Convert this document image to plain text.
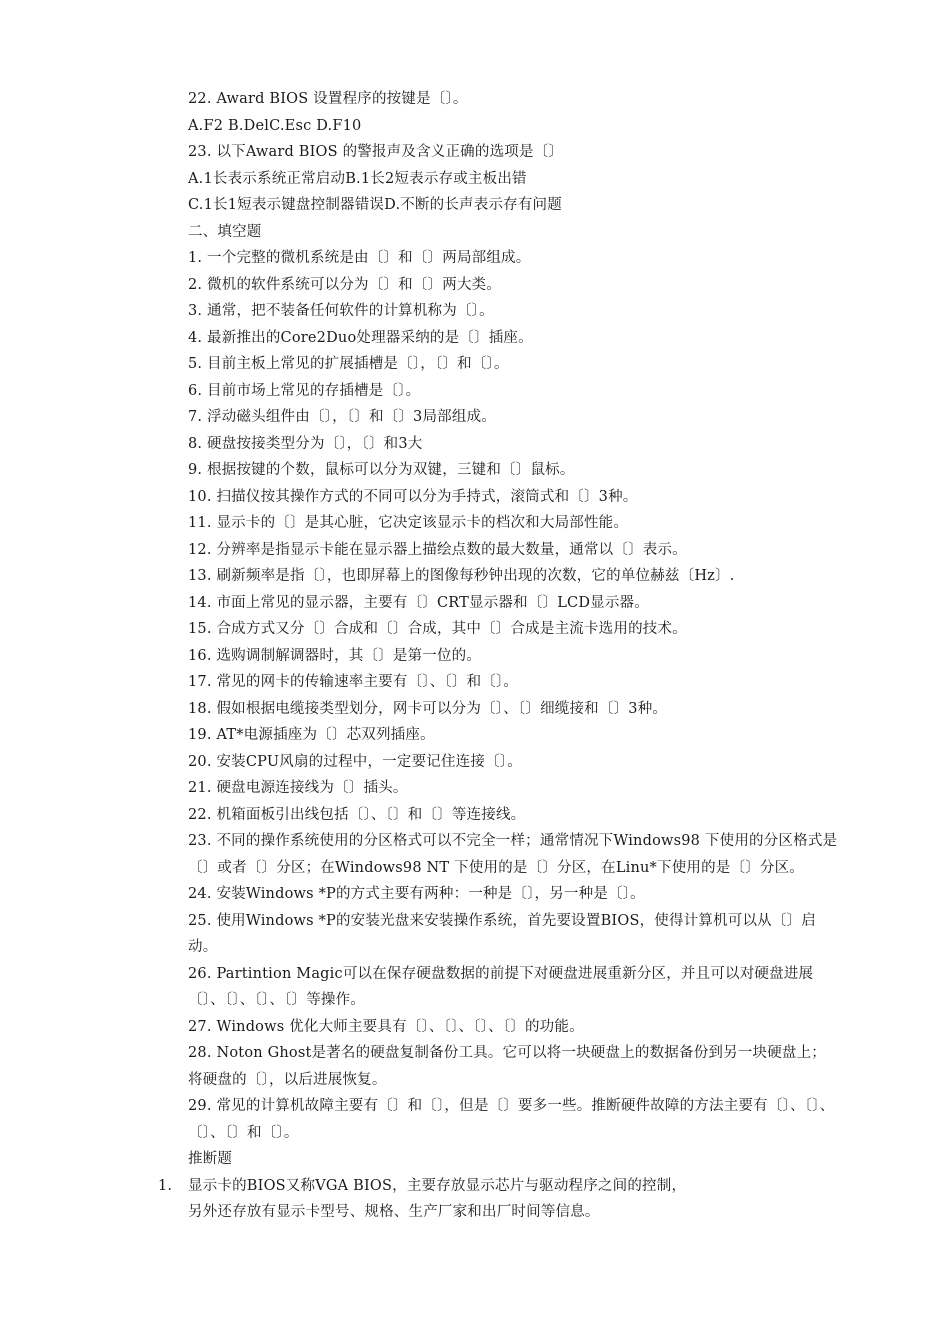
22. Award BIOS 设置程序的按键是〔〕。
A.F2 B.DelC.Esc D.F10
23. 以下Award BIOS 的警报声及含义正确的选项是〔〕
A.1长表示系统正常启动B.1长2短表示存或主板出错
C.1长1短表示键盘控制器错误D.不断的长声表示存有问题
二、填空题
1. 一个完整的微机系统是由〔〕和〔〕两局部组成。
2. 微机的软件系统可以分为〔〕和〔〕两大类。
3. 通常，把不装备任何软件的计算机称为〔〕。
4. 最新推出的Core2Duo处理器采纳的是〔〕插座。
5. 目前主板上常见的扩展插槽是〔〕，〔〕和〔〕。
6. 目前市场上常见的存插槽是〔〕。
7. 浮动磁头组件由〔〕，〔〕和〔〕3局部组成。
8. 硬盘按接类型分为〔〕，〔〕和3大
9. 根据按键的个数，鼠标可以分为双键，三键和〔〕鼠标。
10. 扫描仪按其操作方式的不同可以分为手持式，滚筒式和〔〕3种。
11. 显示卡的〔〕是其心脏，它决定该显示卡的档次和大局部性能。
12. 分辨率是指显示卡能在显示器上描绘点数的最大数量，通常以〔〕表示。
13. 刷新频率是指〔〕，也即屏幕上的图像每秒钟出现的次数，它的单位赫兹〔Hz〕.
14. 市面上常见的显示器，主要有〔〕CRT显示器和〔〕LCD显示器。
15. 合成方式又分〔〕合成和〔〕合成，其中〔〕合成是主流卡选用的技术。
16. 选购调制解调器时，其〔〕是第一位的。
17. 常见的网卡的传输速率主要有〔〕、〔〕和〔〕。
18. 假如根据电缆接类型划分，网卡可以分为〔〕、〔〕细缆接和〔〕3种。
19. AT*电源插座为〔〕芯双列插座。
20. 安装CPU风扇的过程中，一定要记住连接〔〕。
21. 硬盘电源连接线为〔〕插头。
22. 机箱面板引出线包括〔〕、〔〕和〔〕等连接线。
23. 不同的操作系统使用的分区格式可以不完全一样；通常情况下Windows98 下使用的分区格式是〔〕或者〔〕分区；在Windows98 NT 下使用的是〔〕分区，在Linu*下使用的是〔〕分区。
24. 安装Windows *P的方式主要有两种：一种是〔〕，另一种是〔〕。
25. 使用Windows *P的安装光盘来安装操作系统，首先要设置BIOS，使得计算机可以从〔〕启动。
26. Partintion Magic可以在保存硬盘数据的前提下对硬盘进展重新分区，并且可以对硬盘进展〔〕、〔〕、〔〕、〔〕等操作。
27. Windows 优化大师主要具有〔〕、〔〕、〔〕、〔〕的功能。
28. Noton Ghost是著名的硬盘复制备份工具。它可以将一块硬盘上的数据备份到另一块硬盘上；将硬盘的〔〕，以后进展恢复。
29. 常见的计算机故障主要有〔〕和〔〕，但是〔〕要多一些。推断硬件故障的方法主要有〔〕、〔〕、〔〕、〔〕和〔〕。
推断题
1. 显示卡的BIOS又称VGA BIOS，主要存放显示芯片与驱动程序之间的控制，
另外还存放有显示卡型号、规格、生产厂家和出厂时间等信息。
